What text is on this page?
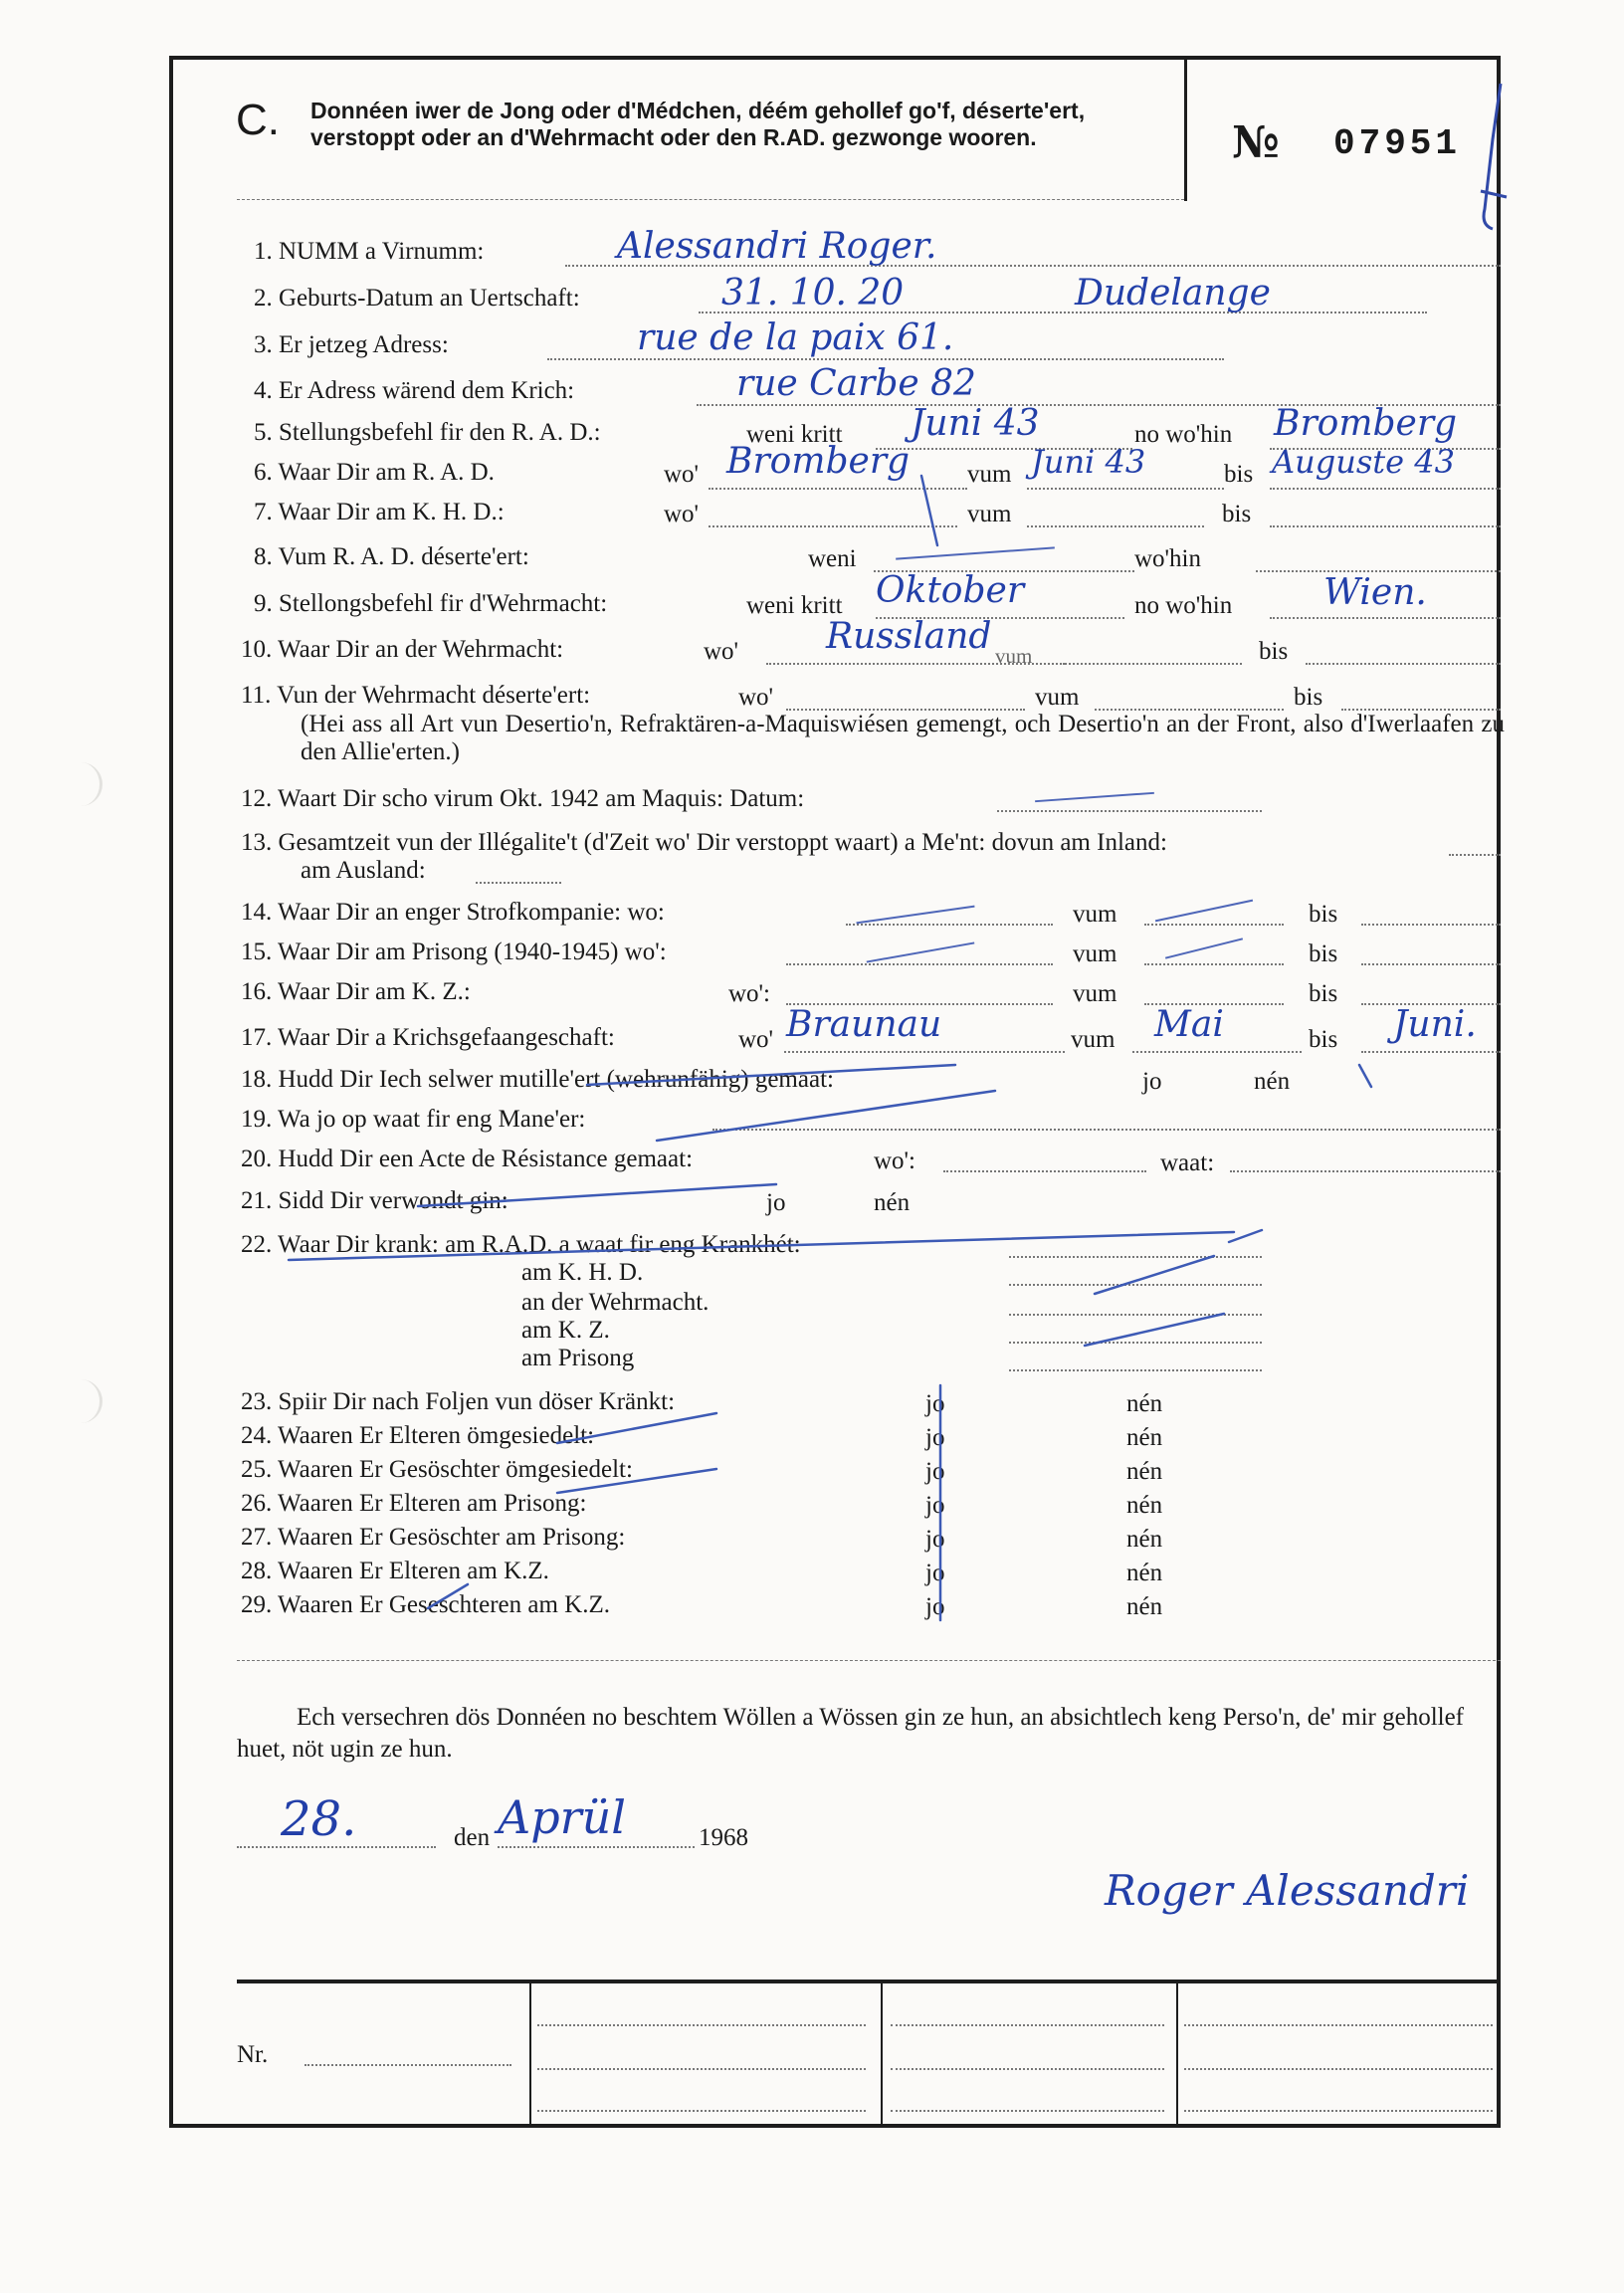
C. Donnéen iwer de Jong oder d'Médchen, déém gehollef go'f, déserte'ert, verstoppt oder an d'Wehrmacht oder den R.AD. gezwonge wooren.	№ 07951
1. NUMM a Virnumm:	Alessandri Roger.
2. Geburts-Datum an Uertschaft:	31. 10. 20	Dudelange
3. Er jetzeg Adress:	rue de la paix 61.
4. Er Adress wärend dem Krich:	rue Carbe 82
5. Stellungsbefehl fir den R. A. D.:	weni kritt Juni 43	no wo'hin Bromberg
6. Waar Dir am R. A. D.	wo' Bromberg vum Juni 43	bis Auguste 43
7. Waar Dir am K. H. D.:	wo'	vum	bis
8. Vum R. A. D. déserte'ert:	weni	wo'hin
9. Stellongsbefehl fir d'Wehrmacht:	weni kritt Oktober	no wo'hin	Wien.
10. Waar Dir an der Wehrmacht:	wo' Russland vum	bis
11. Vun der Wehrmacht déserte'ert:	wo'	vum	bis
(Hei ass all Art vun Desertio'n, Refraktären-a-Maquiswiésen gemengt, och Desertio'n an der Front, also d'Iwerlaafen zu den Allie'erten.)
12. Waart Dir scho virum Okt. 1942 am Maquis: Datum:
13. Gesamtzeit vun der Illégalite't (d'Zeit wo' Dir verstoppt waart) a Me'nt: dovun am Inland:
am Ausland:
14. Waar Dir an enger Strofkompanie: wo:	vum	bis
15. Waar Dir am Prisong (1940-1945) wo':	vum	bis
16. Waar Dir am K. Z.:	wo':	vum	bis
17. Waar Dir a Krichsgefaangeschaft:	wo' Braunau	vum Mai	bis Juni.
18. Hudd Dir Iech selwer mutille'ert (wehrunfähig) gemaat:	jo	nén
19. Wa jo op waat fir eng Mane'er:
20. Hudd Dir een Acte de Résistance gemaat:	wo':	waat:
21. Sidd Dir verwondt gin:	jo	nén
22. Waar Dir krank: am R.A.D. a waat fir eng Krankhét:
am K. H. D.
an der Wehrmacht.
am K. Z.
am Prisong
23. Spiir Dir nach Foljen vun döser Kränkt:	jo	nén
24. Waaren Er Elteren ömgesiedelt:	jo	nén
25. Waaren Er Gesöschter ömgesiedelt:	jo	nén
26. Waaren Er Elteren am Prisong:	jo	nén
27. Waaren Er Gesöschter am Prisong:	jo	nén
28. Waaren Er Elteren am K.Z.	jo	nén
29. Waaren Er Geseschteren am K.Z.	jo	nén
Ech versechren dös Donnéen no beschtem Wöllen a Wössen gin ze hun, an absichtlech keng Perso'n, de' mir gehollef huet, nöt ugin ze hun.
28.	den Aprül	1968
Roger Alessandri
Nr.
